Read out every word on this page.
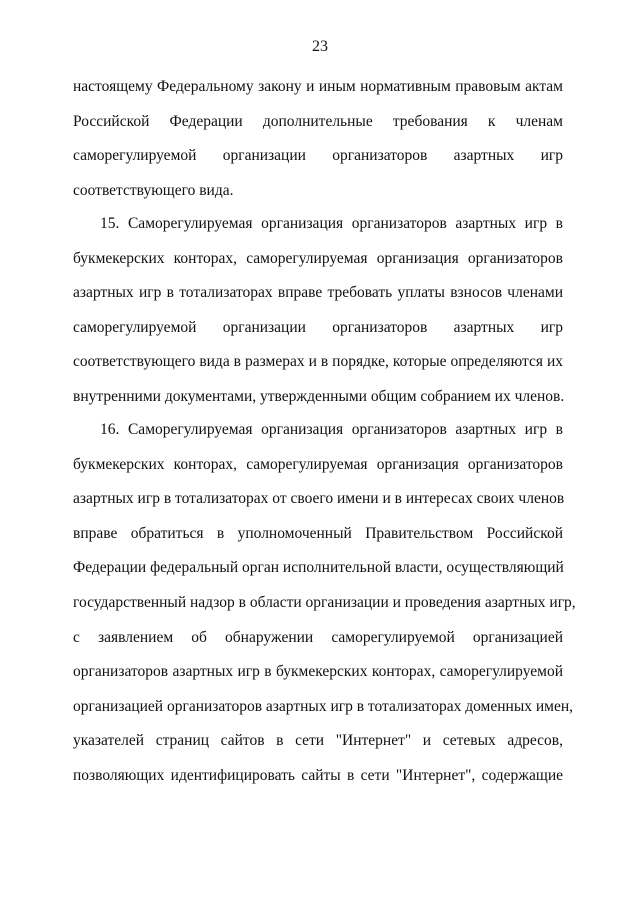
23
настоящему Федеральному закону и иным нормативным правовым актам
Российской Федерации дополнительные требования к членам
саморегулируемой организации организаторов азартных игр
соответствующего вида.
15. Саморегулируемая организация организаторов азартных игр в
букмекерских конторах, саморегулируемая организация организаторов
азартных игр в тотализаторах вправе требовать уплаты взносов членами
саморегулируемой организации организаторов азартных игр
соответствующего вида в размерах и в порядке, которые определяются их
внутренними документами, утвержденными общим собранием их членов.
16. Саморегулируемая организация организаторов азартных игр в
букмекерских конторах, саморегулируемая организация организаторов
азартных игр в тотализаторах от своего имени и в интересах своих членов
вправе обратиться в уполномоченный Правительством Российской
Федерации федеральный орган исполнительной власти, осуществляющий
государственный надзор в области организации и проведения азартных игр,
с заявлением об обнаружении саморегулируемой организацией
организаторов азартных игр в букмекерских конторах, саморегулируемой
организацией организаторов азартных игр в тотализаторах доменных имен,
указателей страниц сайтов в сети "Интернет" и сетевых адресов,
позволяющих идентифицировать сайты в сети "Интернет", содержащие
